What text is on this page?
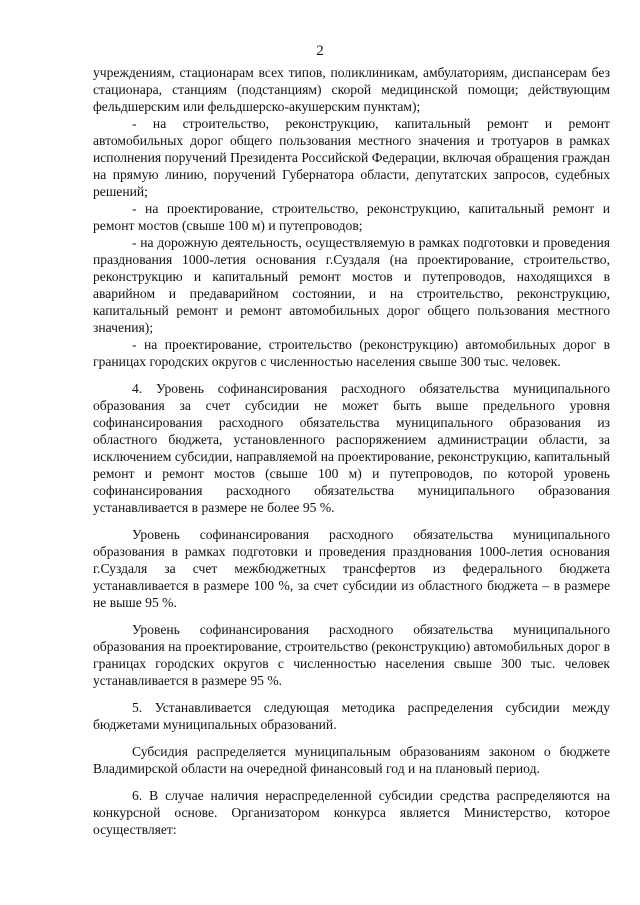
2

учреждениям, стационарам всех типов, поликлиникам, амбулаториям, диспансерам без стационара, станциям (подстанциям) скорой медицинской помощи; действующим фельдшерским или фельдшерско-акушерским пунктам);

- на строительство, реконструкцию, капитальный ремонт и ремонт автомобильных дорог общего пользования местного значения и тротуаров в рамках исполнения поручений Президента Российской Федерации, включая обращения граждан на прямую линию, поручений Губернатора области, депутатских запросов, судебных решений;

- на проектирование, строительство, реконструкцию, капитальный ремонт и ремонт мостов (свыше 100 м) и путепроводов;

- на дорожную деятельность, осуществляемую в рамках подготовки и проведения празднования 1000-летия основания г.Суздаля (на проектирование, строительство, реконструкцию и капитальный ремонт мостов и путепроводов, находящихся в аварийном и предаварийном состоянии, и на строительство, реконструкцию, капитальный ремонт и ремонт автомобильных дорог общего пользования местного значения);

- на проектирование, строительство (реконструкцию) автомобильных дорог в границах городских округов с численностью населения свыше 300 тыс. человек.

4. Уровень софинансирования расходного обязательства муниципального образования за счет субсидии не может быть выше предельного уровня софинансирования расходного обязательства муниципального образования из областного бюджета, установленного распоряжением администрации области, за исключением субсидии, направляемой на проектирование, реконструкцию, капитальный ремонт и ремонт мостов (свыше 100 м) и путепроводов, по которой уровень софинансирования расходного обязательства муниципального образования устанавливается в размере не более 95 %.

Уровень софинансирования расходного обязательства муниципального образования в рамках подготовки и проведения празднования 1000-летия основания г.Суздаля за счет межбюджетных трансфертов из федерального бюджета устанавливается в размере 100 %, за счет субсидии из областного бюджета – в размере не выше 95 %.

Уровень софинансирования расходного обязательства муниципального образования на проектирование, строительство (реконструкцию) автомобильных дорог в границах городских округов с численностью населения свыше 300 тыс. человек устанавливается в размере 95 %.

5. Устанавливается следующая методика распределения субсидии между бюджетами муниципальных образований.

Субсидия распределяется муниципальным образованиям законом о бюджете Владимирской области на очередной финансовый год и на плановый период.

6. В случае наличия нераспределенной субсидии средства распределяются на конкурсной основе. Организатором конкурса является Министерство, которое осуществляет:
